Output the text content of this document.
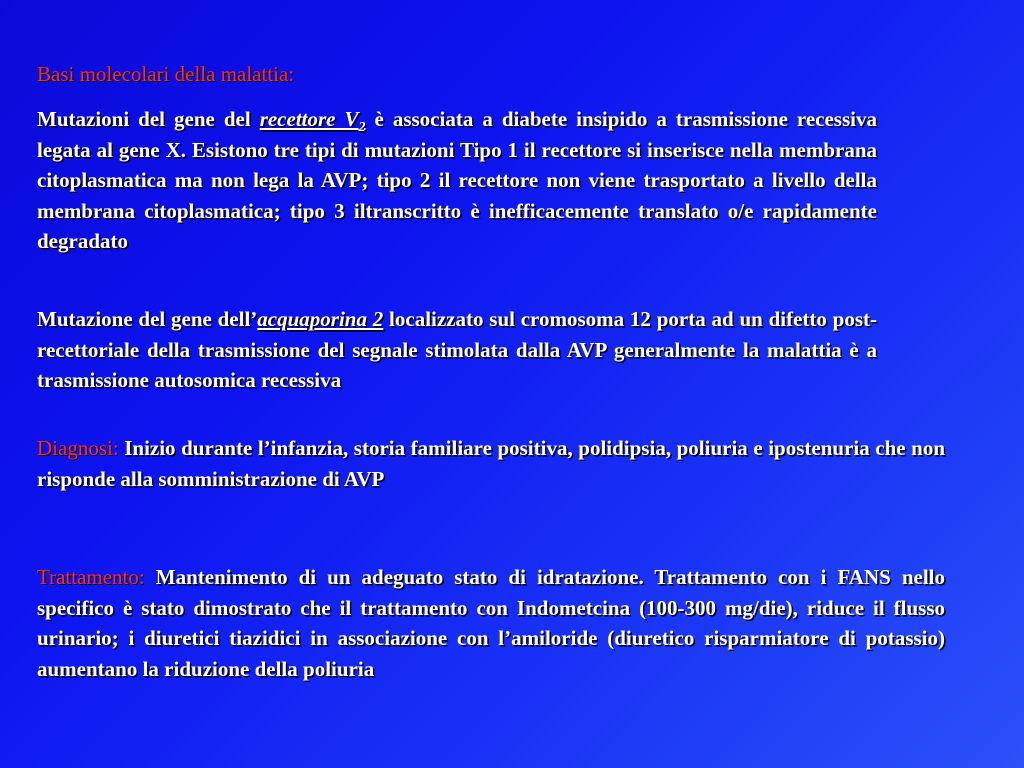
Basi molecolari della malattia:
Mutazioni del gene del recettore $V_2$ è associata a diabete insipido a trasmissione recessiva legata al gene X. Esistono tre tipi di mutazioni Tipo 1 il recettore si inserisce nella membrana citoplasmatica ma non lega la AVP; tipo 2 il recettore non viene trasportato a livello della membrana citoplasmatica; tipo 3 iltranscritto è inefficacemente translato o/e rapidamente degradato
Mutazione del gene dell’acquaporina 2 localizzato sul cromosoma 12 porta ad un difetto post-recettoriale della trasmissione del segnale stimolata dalla AVP generalmente la malattia è a trasmissione autosomica recessiva
Diagnosi: Inizio durante l’infanzia, storia familiare positiva, polidipsia, poliuria e ipostenuria che non risponde alla somministrazione di AVP
Trattamento: Mantenimento di un adeguato stato di idratazione. Trattamento con i FANS nello specifico è stato dimostrato che il trattamento con Indometcina (100-300 mg/die), riduce il flusso urinario; i diuretici tiazidici in associazione con l’amiloride (diuretico risparmiatore di potassio) aumentano la riduzione della poliuria
